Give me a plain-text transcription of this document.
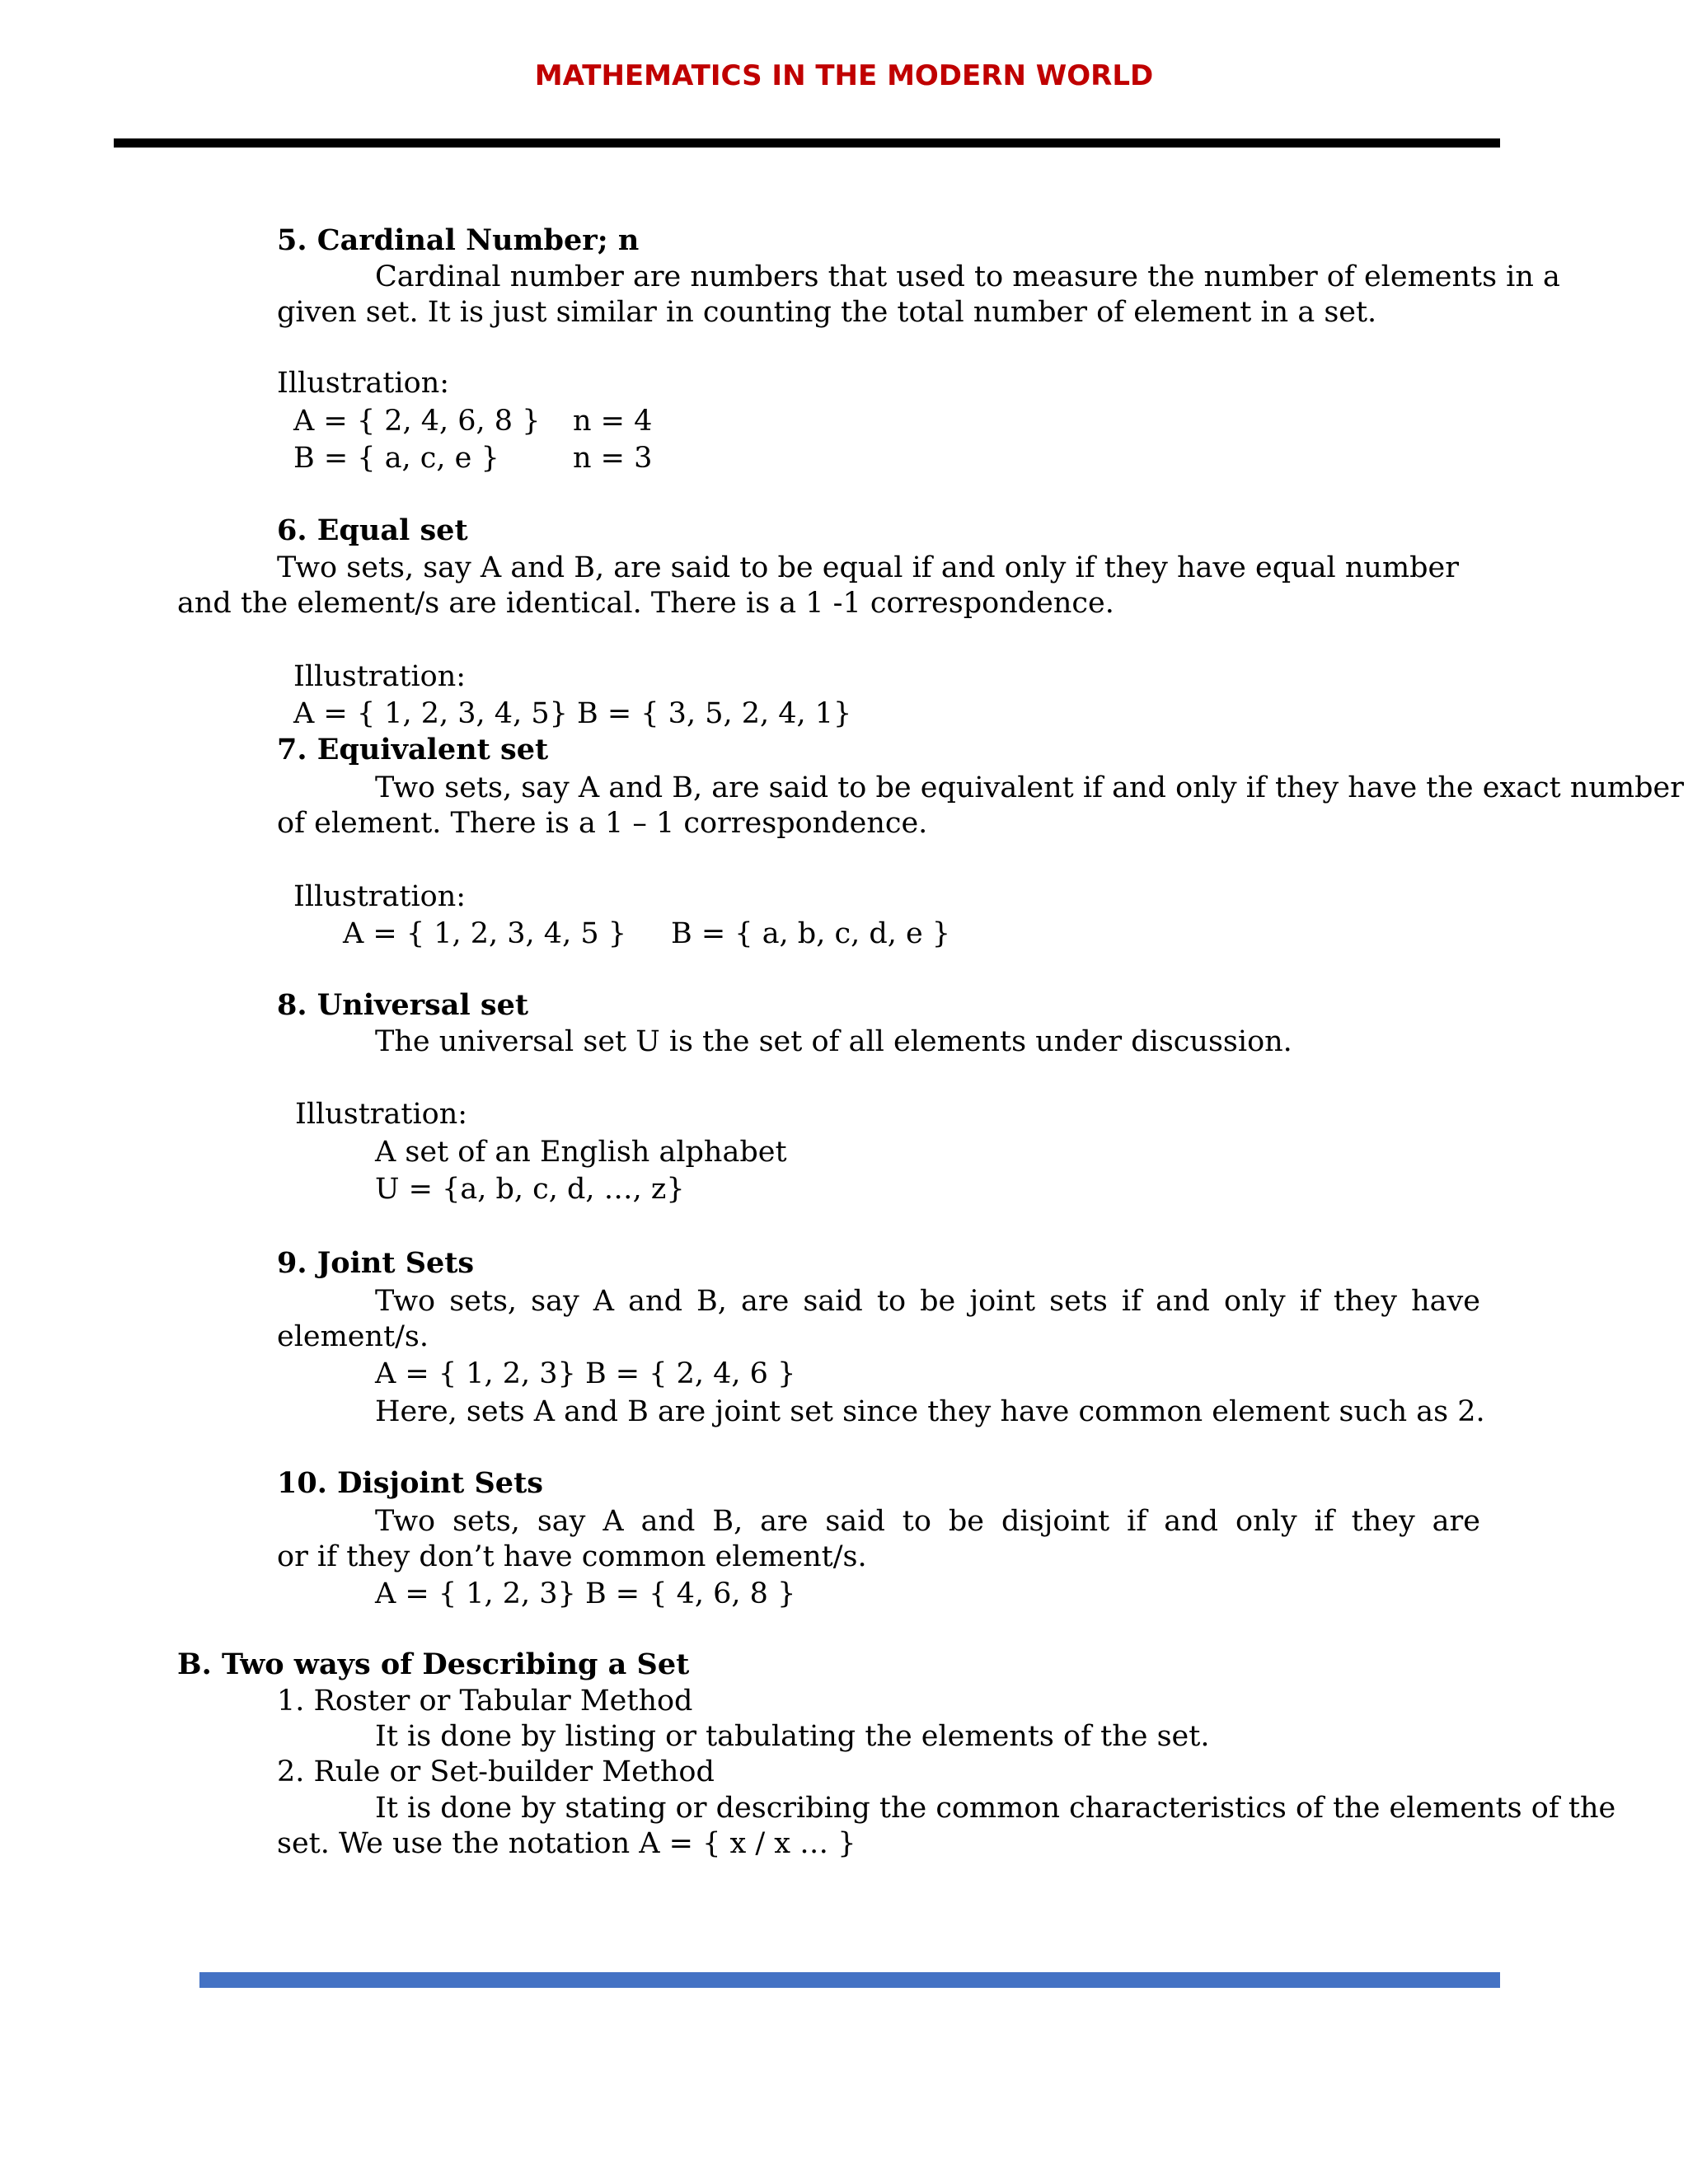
MATHEMATICS IN THE MODERN WORLD
5. Cardinal Number; n
Cardinal number are numbers that used to measure the number of elements in a
given set. It is just similar in counting the total number of element in a set.
Illustration:
A = { 2, 4, 6, 8 } n = 4
B = { a, c, e }	n = 3
6. Equal set
Two sets, say A and B, are said to be equal if and only if they have equal number
and the element/s are identical. There is a 1 -1 correspondence.
Illustration:
A = { 1, 2, 3, 4, 5} B = { 3, 5, 2, 4, 1}
7. Equivalent set
Two sets, say A and B, are said to be equivalent if and only if they have the exact number
of element. There is a 1 – 1 correspondence.
Illustration:
A = { 1, 2, 3, 4, 5 } B = { a, b, c, d, e }
8. Universal set
The universal set U is the set of all elements under discussion.
Illustration:
A set of an English alphabet
U = {a, b, c, d, …, z}
9. Joint Sets
Two sets, say A and B, are said to be joint sets if and only if they have
element/s.
A = { 1, 2, 3} B = { 2, 4, 6 }
Here, sets A and B are joint set since they have common element such as 2.
10. Disjoint Sets
Two sets, say A and B, are said to be disjoint if and only if they are
or if they don’t have common element/s.
A = { 1, 2, 3} B = { 4, 6, 8 }
B. Two ways of Describing a Set
1. Roster or Tabular Method
It is done by listing or tabulating the elements of the set.
2. Rule or Set-builder Method
It is done by stating or describing the common characteristics of the elements of the
set. We use the notation A = { x / x … }
